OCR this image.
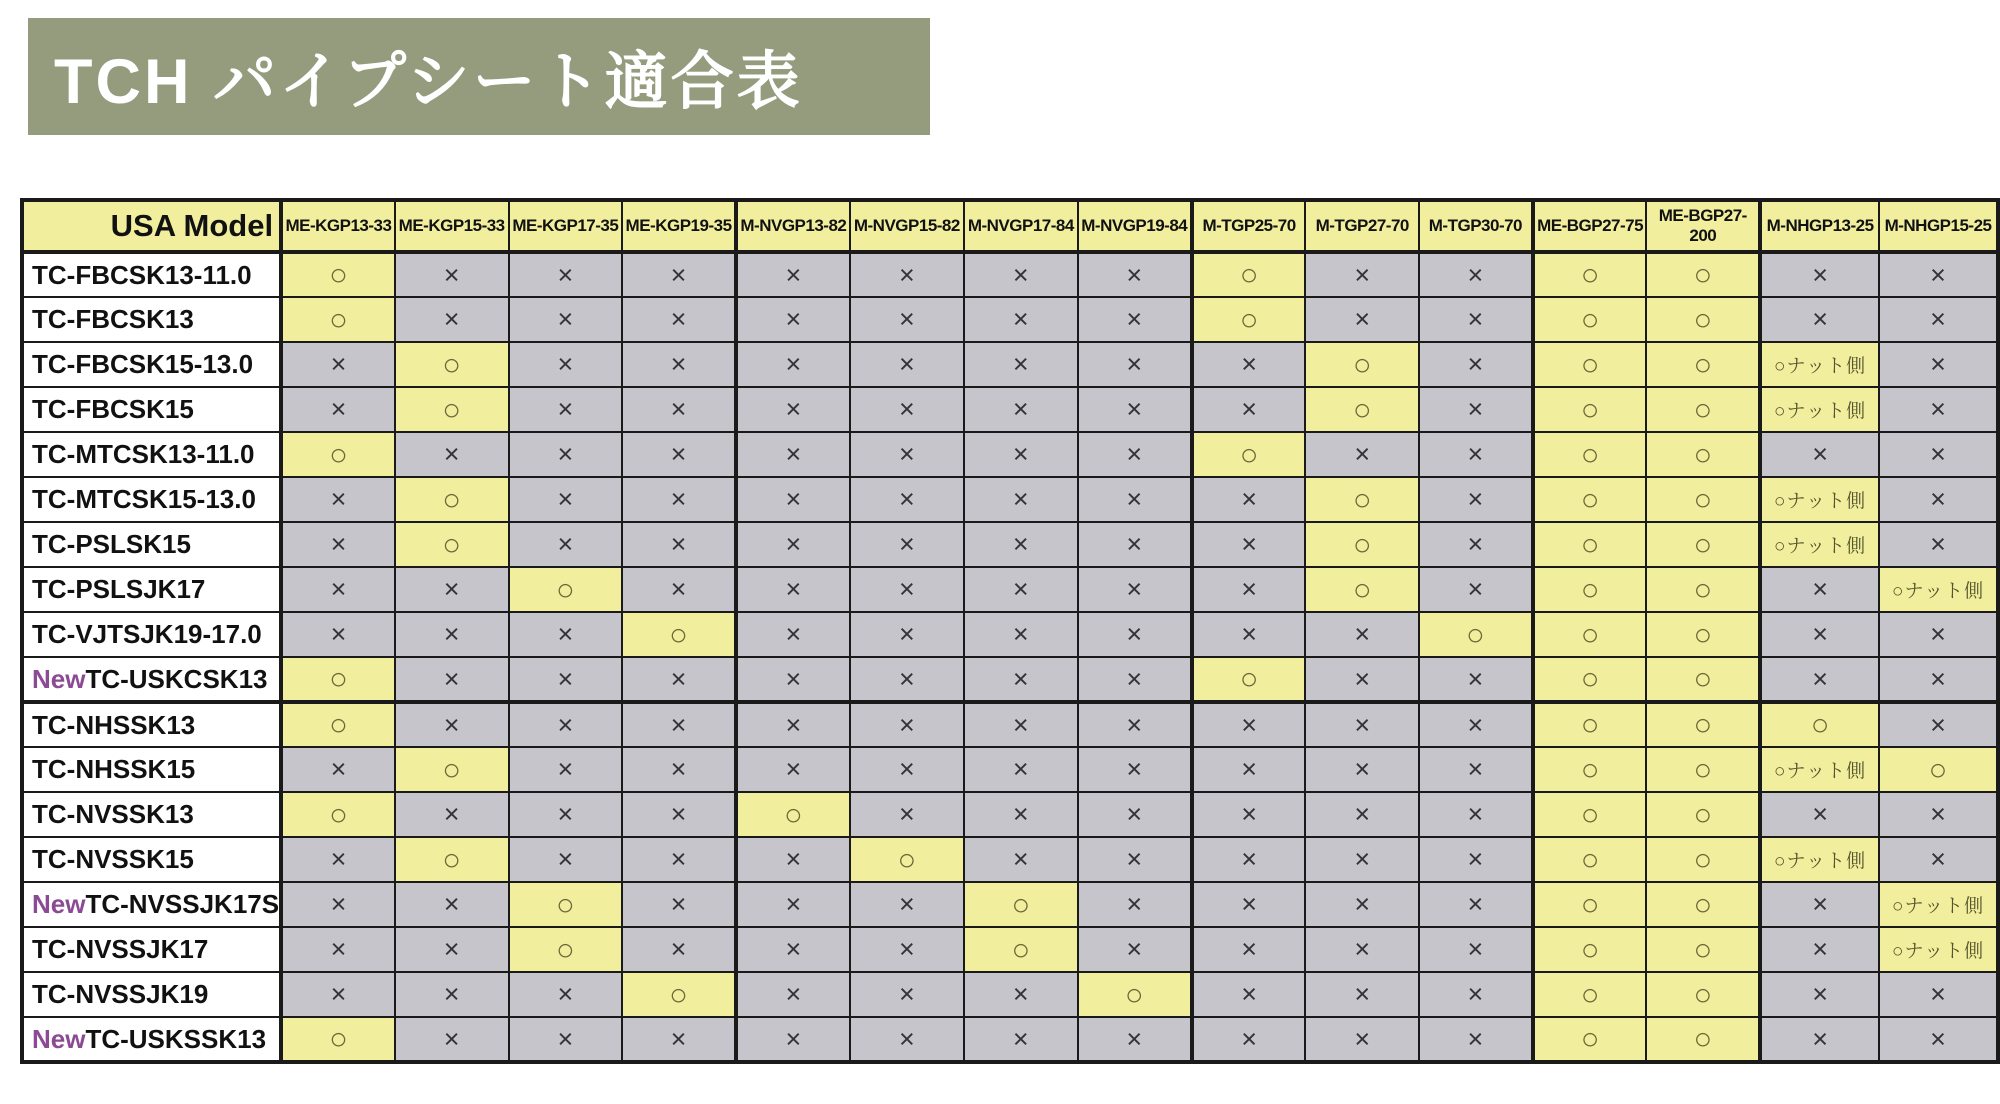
TCH パイプシート適合表
USA Model	ME-KGP13-33	ME-KGP15-33	ME-KGP17-35	ME-KGP19-35	M-NVGP13-82	M-NVGP15-82	M-NVGP17-84	M-NVGP19-84	M-TGP25-70	M-TGP27-70	M-TGP30-70	ME-BGP27-75	ME-BGP27-200	M-NHGP13-25	M-NHGP15-25
TC-FBCSK13-11.0	○	×	×	×	×	×	×	×	○	×	×	○	○	×	×
TC-FBCSK13	○	×	×	×	×	×	×	×	○	×	×	○	○	×	×
TC-FBCSK15-13.0	×	○	×	×	×	×	×	×	×	○	×	○	○	○ナット側	×
TC-FBCSK15	×	○	×	×	×	×	×	×	×	○	×	○	○	○ナット側	×
TC-MTCSK13-11.0	○	×	×	×	×	×	×	×	○	×	×	○	○	×	×
TC-MTCSK15-13.0	×	○	×	×	×	×	×	×	×	○	×	○	○	○ナット側	×
TC-PSLSK15	×	○	×	×	×	×	×	×	×	○	×	○	○	○ナット側	×
TC-PSLSJK17	×	×	○	×	×	×	×	×	×	○	×	○	○	×	○ナット側
TC-VJTSJK19-17.0	×	×	×	○	×	×	×	×	×	×	○	○	○	×	×
NewTC-USKCSK13	○	×	×	×	×	×	×	×	○	×	×	○	○	×	×
TC-NHSSK13	○	×	×	×	×	×	×	×	×	×	×	○	○	○	×
TC-NHSSK15	×	○	×	×	×	×	×	×	×	×	×	○	○	○ナット側	○
TC-NVSSK13	○	×	×	×	○	×	×	×	×	×	×	○	○	×	×
TC-NVSSK15	×	○	×	×	×	○	×	×	×	×	×	○	○	○ナット側	×
NewTC-NVSSJK17S	×	×	○	×	×	×	○	×	×	×	×	○	○	×	○ナット側
TC-NVSSJK17	×	×	○	×	×	×	○	×	×	×	×	○	○	×	○ナット側
TC-NVSSJK19	×	×	×	○	×	×	×	○	×	×	×	○	○	×	×
NewTC-USKSSK13	○	×	×	×	×	×	×	×	×	×	×	○	○	×	×
